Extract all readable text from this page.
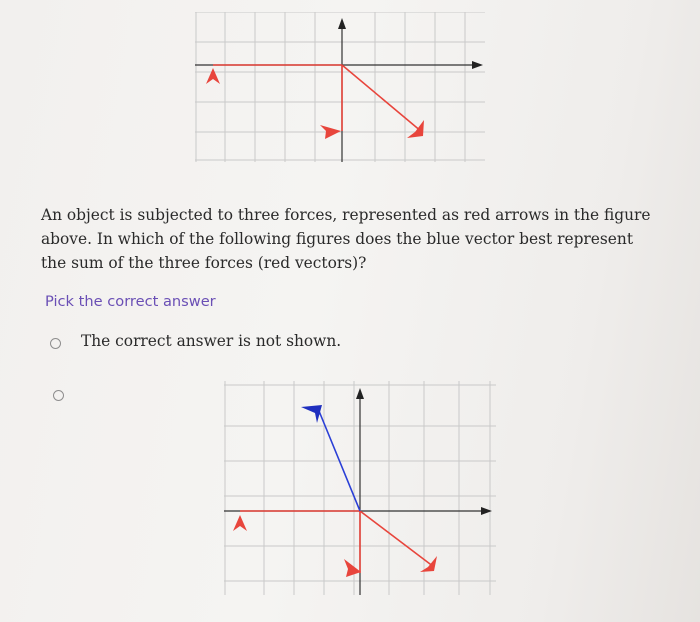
An object is subjected to three forces, represented as red arrows in the figure above. In which of the following figures does the blue vector best represent the sum of the three forces (red vectors)?

Pick the correct answer
The correct answer is not shown.
